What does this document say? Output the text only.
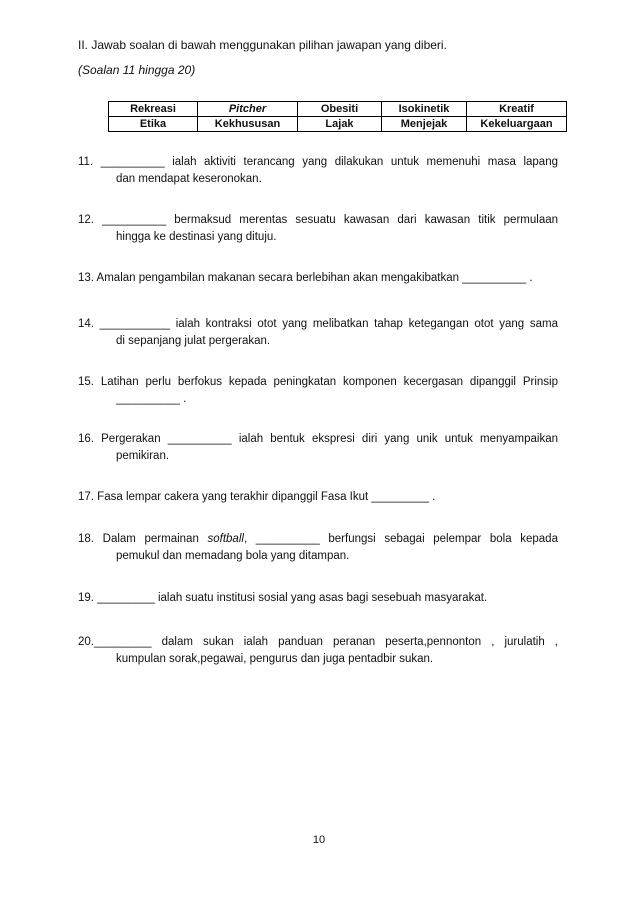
II. Jawab soalan di bawah menggunakan pilihan jawapan yang diberi.
(Soalan 11 hingga 20)
Rekreasi	Pitcher	Obesiti	Isokinetik	Kreatif
Etika	Kekhususan	Lajak	Menjejak	Kekeluargaan
11. __________ ialah aktiviti terancang yang dilakukan untuk memenuhi masa lapang
dan mendapat keseronokan.
12. __________ bermaksud merentas sesuatu kawasan dari kawasan titik permulaan
hingga ke destinasi yang dituju.
13. Amalan pengambilan makanan secara berlebihan akan mengakibatkan __________ .
14. ___________ ialah kontraksi otot yang melibatkan tahap ketegangan otot yang sama
di sepanjang julat pergerakan.
15. Latihan perlu berfokus kepada peningkatan komponen kecergasan dipanggil Prinsip
__________ .
16. Pergerakan __________ ialah bentuk ekspresi diri yang unik untuk menyampaikan
pemikiran.
17. Fasa lempar cakera yang terakhir dipanggil Fasa Ikut _________ .
18. Dalam permainan softball, __________ berfungsi sebagai pelempar bola kepada
pemukul dan memadang bola yang ditampan.
19. _________ ialah suatu institusi sosial yang asas bagi sesebuah masyarakat.
20._________ dalam sukan ialah panduan peranan peserta,pennonton , jurulatih ,
kumpulan sorak,pegawai, pengurus dan juga pentadbir sukan.
10
